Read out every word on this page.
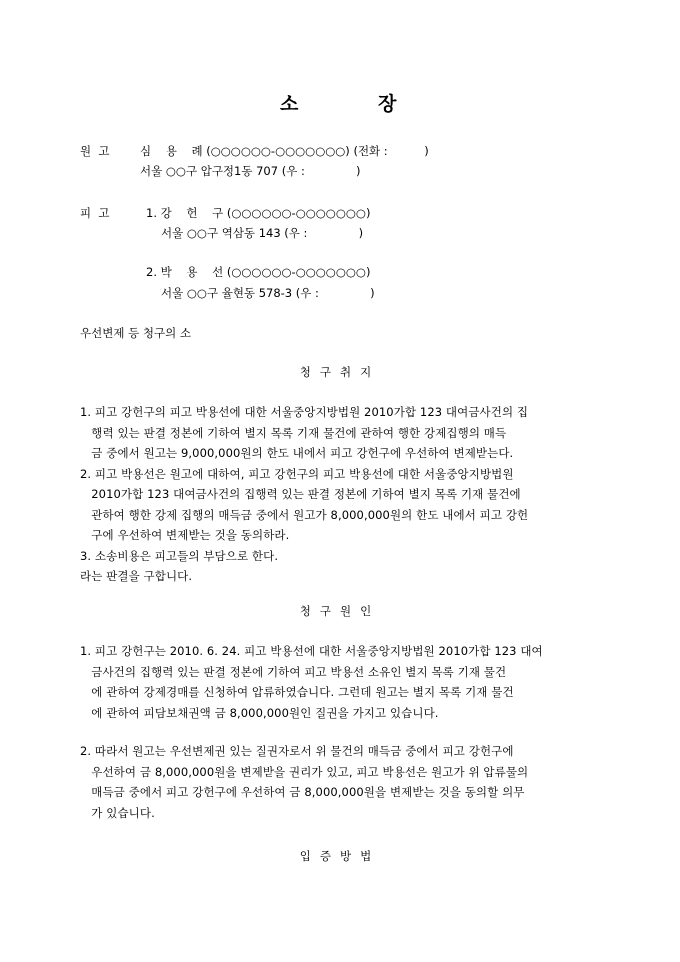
소	장
원  고	심    용    례 (○○○○○○-○○○○○○○) (전화 :          )
서울 ○○구 압구정1동 707 (우 :              )
피  고	1. 강    헌    구 (○○○○○○-○○○○○○○)
서울 ○○구 역삼동 143 (우 :              )
2. 박    용    선 (○○○○○○-○○○○○○○)
서울 ○○구 율현동 578-3 (우 :              )
우선변제 등 청구의 소
청구취지
1. 피고 강헌구의 피고 박용선에 대한 서울중앙지방법원 2010가합 123 대여금사건의 집
행력 있는 판결 정본에 기하여 별지 목록 기재 물건에 관하여 행한 강제집행의 매득
금 중에서 원고는 9,000,000원의 한도 내에서 피고 강헌구에 우선하여 변제받는다.
2. 피고 박용선은 원고에 대하여, 피고 강헌구의 피고 박용선에 대한 서울중앙지방법원
2010가합 123 대여금사건의 집행력 있는 판결 정본에 기하여 별지 목록 기재 물건에
관하여 행한 강제 집행의 매득금 중에서 원고가 8,000,000원의 한도 내에서 피고 강헌
구에 우선하여 변제받는 것을 동의하라.
3. 소송비용은 피고들의 부담으로 한다.
라는 판결을 구합니다.
청구원인
1. 피고 강헌구는 2010. 6. 24. 피고 박용선에 대한 서울중앙지방법원 2010가합 123 대여
금사건의 집행력 있는 판결 정본에 기하여 피고 박용선 소유인 별지 목록 기재 물건
에 관하여 강제경매를 신청하여 압류하였습니다. 그런데 원고는 별지 목록 기재 물건
에 관하여 피담보채권액 금 8,000,000원인 질권을 가지고 있습니다.
2. 따라서 원고는 우선변제권 있는 질권자로서 위 물건의 매득금 중에서 피고 강헌구에
우선하여 금 8,000,000원을 변제받을 권리가 있고, 피고 박용선은 원고가 위 압류물의
매득금 중에서 피고 강헌구에 우선하여 금 8,000,000원을 변제받는 것을 동의할 의무
가 있습니다.
입증방법
